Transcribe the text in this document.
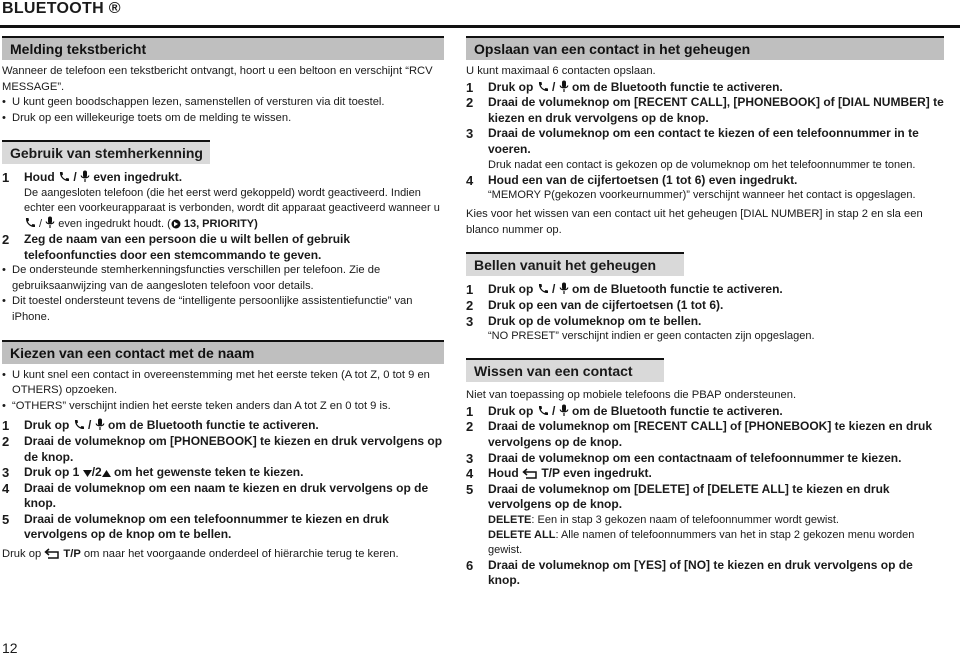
BLUETOOTH ®
Melding tekstbericht
Wanneer de telefoon een tekstbericht ontvangt, hoort u een beltoon en verschijnt “RCV MESSAGE”.
• U kunt geen boodschappen lezen, samenstellen of versturen via dit toestel.
• Druk op een willekeurige toets om de melding te wissen.
Gebruik van stemherkenning
1 Houd  /  even ingedrukt.
De aangesloten telefoon (die het eerst werd gekoppeld) wordt geactiveerd. Indien echter een voorkeurapparaat is verbonden, wordt dit apparaat geactiveerd wanneer u  /  even ingedrukt houdt. ( 13, PRIORITY)
2 Zeg de naam van een persoon die u wilt bellen of gebruik telefoonfuncties door een stemcommando te geven.
• De ondersteunde stemherkenningsfuncties verschillen per telefoon. Zie de gebruiksaanwijzing van de aangesloten telefoon voor details.
• Dit toestel ondersteunt tevens de “intelligente persoonlijke assistentiefunctie” van iPhone.
Kiezen van een contact met de naam
• U kunt snel een contact in overeenstemming met het eerste teken (A tot Z, 0 tot 9 en OTHERS) opzoeken.
• “OTHERS” verschijnt indien het eerste teken anders dan A tot Z en 0 tot 9 is.
1 Druk op  /  om de Bluetooth functie te activeren.
2 Draai de volumeknop om [PHONEBOOK] te kiezen en druk vervolgens op de knop.
3 Druk op 1 /2 om het gewenste teken te kiezen.
4 Draai de volumeknop om een naam te kiezen en druk vervolgens op de knop.
5 Draai de volumeknop om een telefoonnummer te kiezen en druk vervolgens op de knop om te bellen.
Druk op T/P om naar het voorgaande onderdeel of hiërarchie terug te keren.
Opslaan van een contact in het geheugen
U kunt maximaal 6 contacten opslaan.
1 Druk op  /  om de Bluetooth functie te activeren.
2 Draai de volumeknop om [RECENT CALL], [PHONEBOOK] of [DIAL NUMBER] te kiezen en druk vervolgens op de knop.
3 Draai de volumeknop om een contact te kiezen of een telefoonnummer in te voeren.
Druk nadat een contact is gekozen op de volumeknop om het telefoonnummer te tonen.
4 Houd een van de cijfertoetsen (1 tot 6) even ingedrukt.
“MEMORY P(gekozen voorkeurnummer)” verschijnt wanneer het contact is opgeslagen.
Kies voor het wissen van een contact uit het geheugen [DIAL NUMBER] in stap 2 en sla een blanco nummer op.
Bellen vanuit het geheugen
1 Druk op  /  om de Bluetooth functie te activeren.
2 Druk op een van de cijfertoetsen (1 tot 6).
3 Druk op de volumeknop om te bellen.
“NO PRESET” verschijnt indien er geen contacten zijn opgeslagen.
Wissen van een contact
Niet van toepassing op mobiele telefoons die PBAP ondersteunen.
1 Druk op  /  om de Bluetooth functie te activeren.
2 Draai de volumeknop om [RECENT CALL] of [PHONEBOOK] te kiezen en druk vervolgens op de knop.
3 Draai de volumeknop om een contactnaam of telefoonnummer te kiezen.
4 Houd T/P even ingedrukt.
5 Draai de volumeknop om [DELETE] of [DELETE ALL] te kiezen en druk vervolgens op de knop.
DELETE: Een in stap 3 gekozen naam of telefoonnummer wordt gewist.
DELETE ALL: Alle namen of telefoonnummers van het in stap 2 gekozen menu worden gewist.
6 Draai de volumeknop om [YES] of [NO] te kiezen en druk vervolgens op de knop.
12
